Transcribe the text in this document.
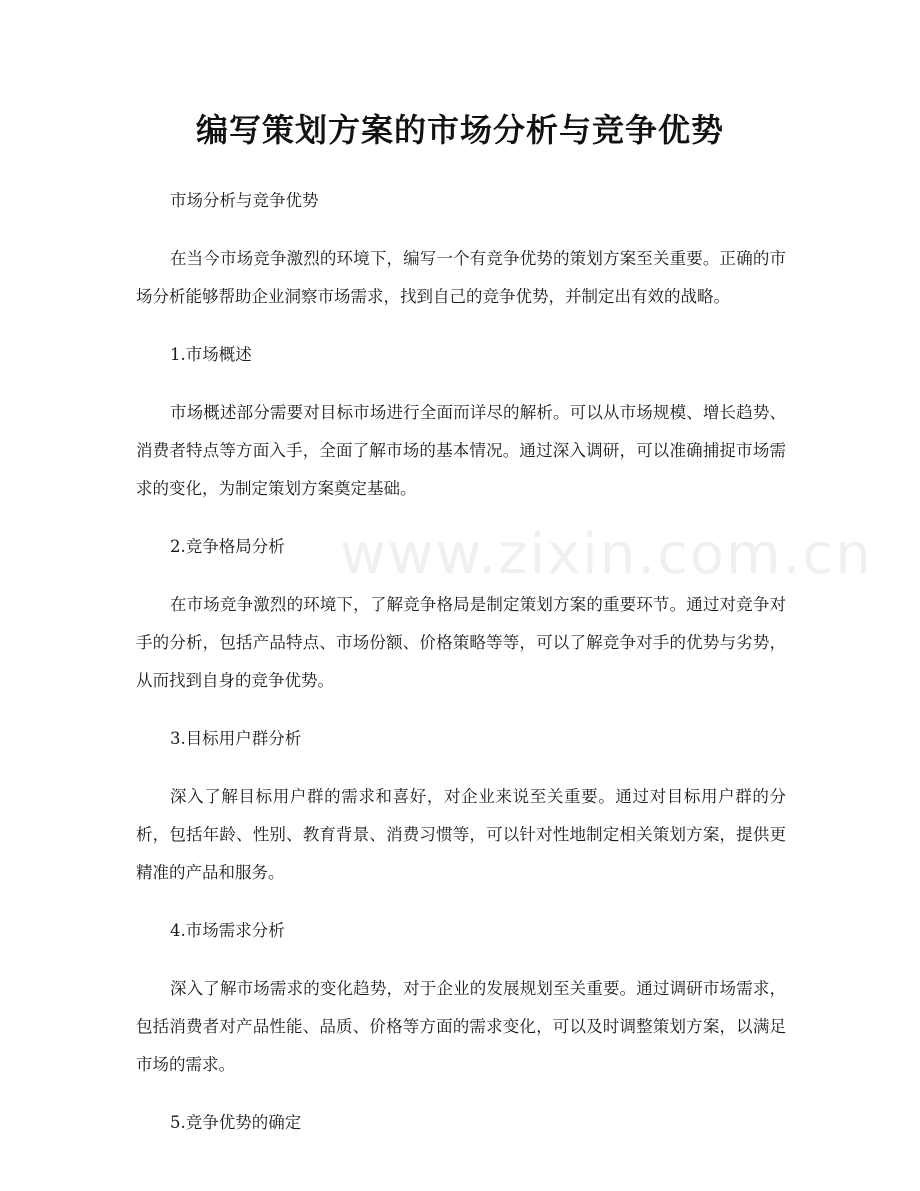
编写策划方案的市场分析与竞争优势
www.zixin.com.cn

市场分析与竞争优势

在当今市场竞争激烈的环境下，编写一个有竞争优势的策划方案至关重要。正确的市场分析能够帮助企业洞察市场需求，找到自己的竞争优势，并制定出有效的战略。

1.市场概述

市场概述部分需要对目标市场进行全面而详尽的解析。可以从市场规模、增长趋势、消费者特点等方面入手，全面了解市场的基本情况。通过深入调研，可以准确捕捉市场需求的变化，为制定策划方案奠定基础。

2.竞争格局分析

在市场竞争激烈的环境下，了解竞争格局是制定策划方案的重要环节。通过对竞争对手的分析，包括产品特点、市场份额、价格策略等等，可以了解竞争对手的优势与劣势，从而找到自身的竞争优势。

3.目标用户群分析

深入了解目标用户群的需求和喜好，对企业来说至关重要。通过对目标用户群的分析，包括年龄、性别、教育背景、消费习惯等，可以针对性地制定相关策划方案，提供更精准的产品和服务。

4.市场需求分析

深入了解市场需求的变化趋势，对于企业的发展规划至关重要。通过调研市场需求，包括消费者对产品性能、品质、价格等方面的需求变化，可以及时调整策划方案，以满足市场的需求。

5.竞争优势的确定
